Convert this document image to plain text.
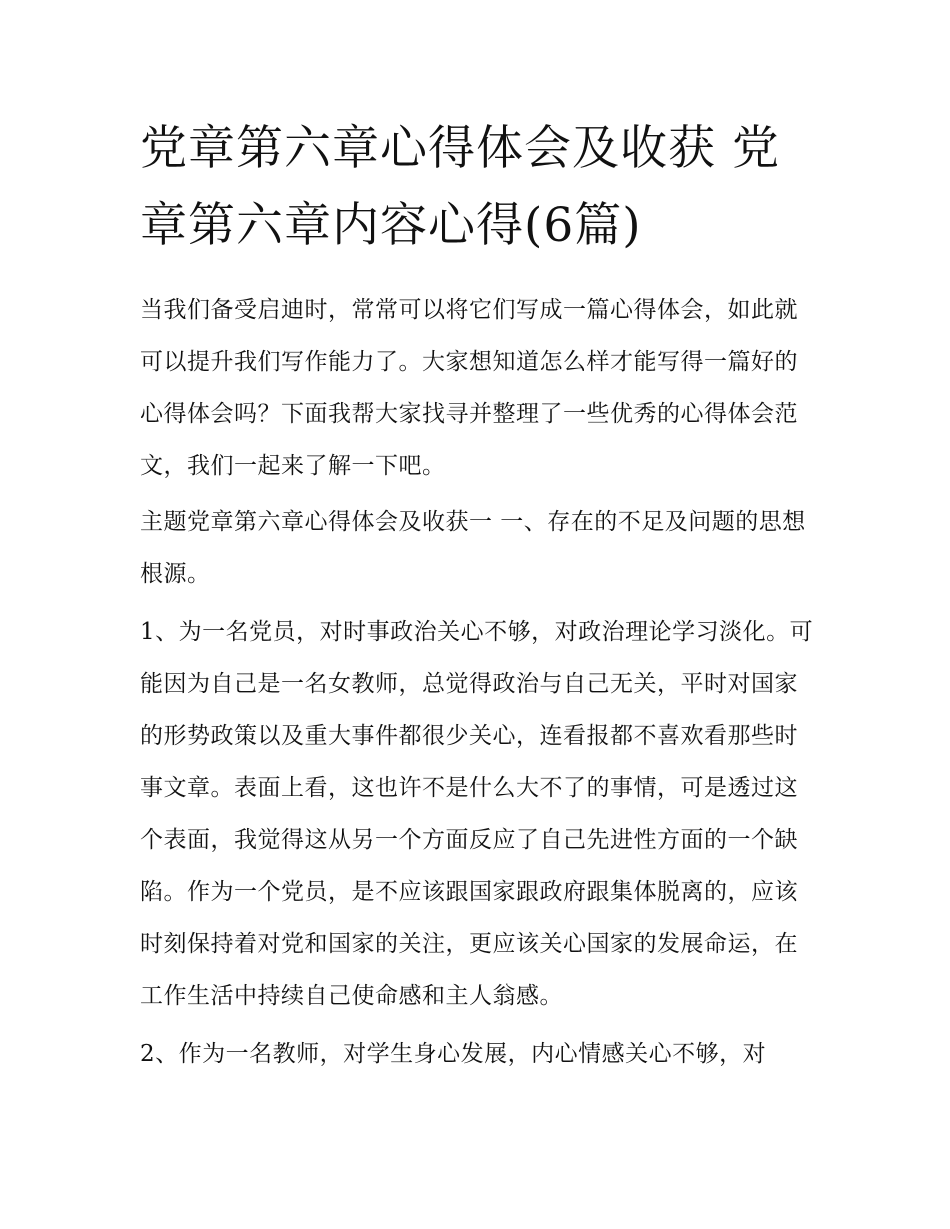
党章第六章心得体会及收获 党章第六章内容心得(6篇)

当我们备受启迪时，常常可以将它们写成一篇心得体会，如此就可以提升我们写作能力了。大家想知道怎么样才能写得一篇好的心得体会吗？下面我帮大家找寻并整理了一些优秀的心得体会范文，我们一起来了解一下吧。

主题党章第六章心得体会及收获一 一、存在的不足及问题的思想根源。

1、为一名党员，对时事政治关心不够，对政治理论学习淡化。可能因为自己是一名女教师，总觉得政治与自己无关，平时对国家的形势政策以及重大事件都很少关心，连看报都不喜欢看那些时事文章。表面上看，这也许不是什么大不了的事情，可是透过这个表面，我觉得这从另一个方面反应了自己先进性方面的一个缺陷。作为一个党员，是不应该跟国家跟政府跟集体脱离的，应该时刻保持着对党和国家的关注，更应该关心国家的发展命运，在工作生活中持续自己使命感和主人翁感。

2、作为一名教师，对学生身心发展，内心情感关心不够，对
